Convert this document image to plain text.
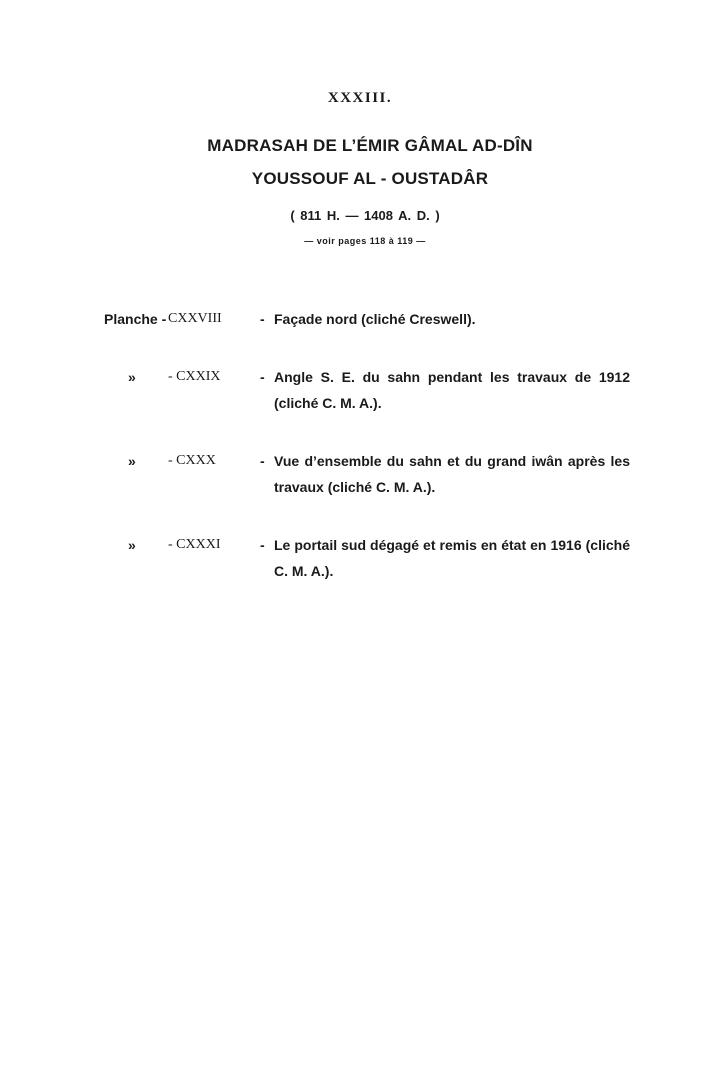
XXXIII.
MADRASAH DE L’ÉMIR GÂMAL AD-DÎN
YOUSSOUF AL - OUSTADÂR
( 811 H. — 1408 A. D. )
— voir pages 118 à 119 —
Planche - CXXVIII	- Façade nord (cliché Creswell).
»	- CXXIX	- Angle S. E. du sahn pendant les travaux de 1912 (cliché C. M. A.).
»	- CXXX	- Vue d’ensemble du sahn et du grand iwân après les travaux (cliché C. M. A.).
»	- CXXXI	- Le portail sud dégagé et remis en état en 1916 (cliché C. M. A.).
